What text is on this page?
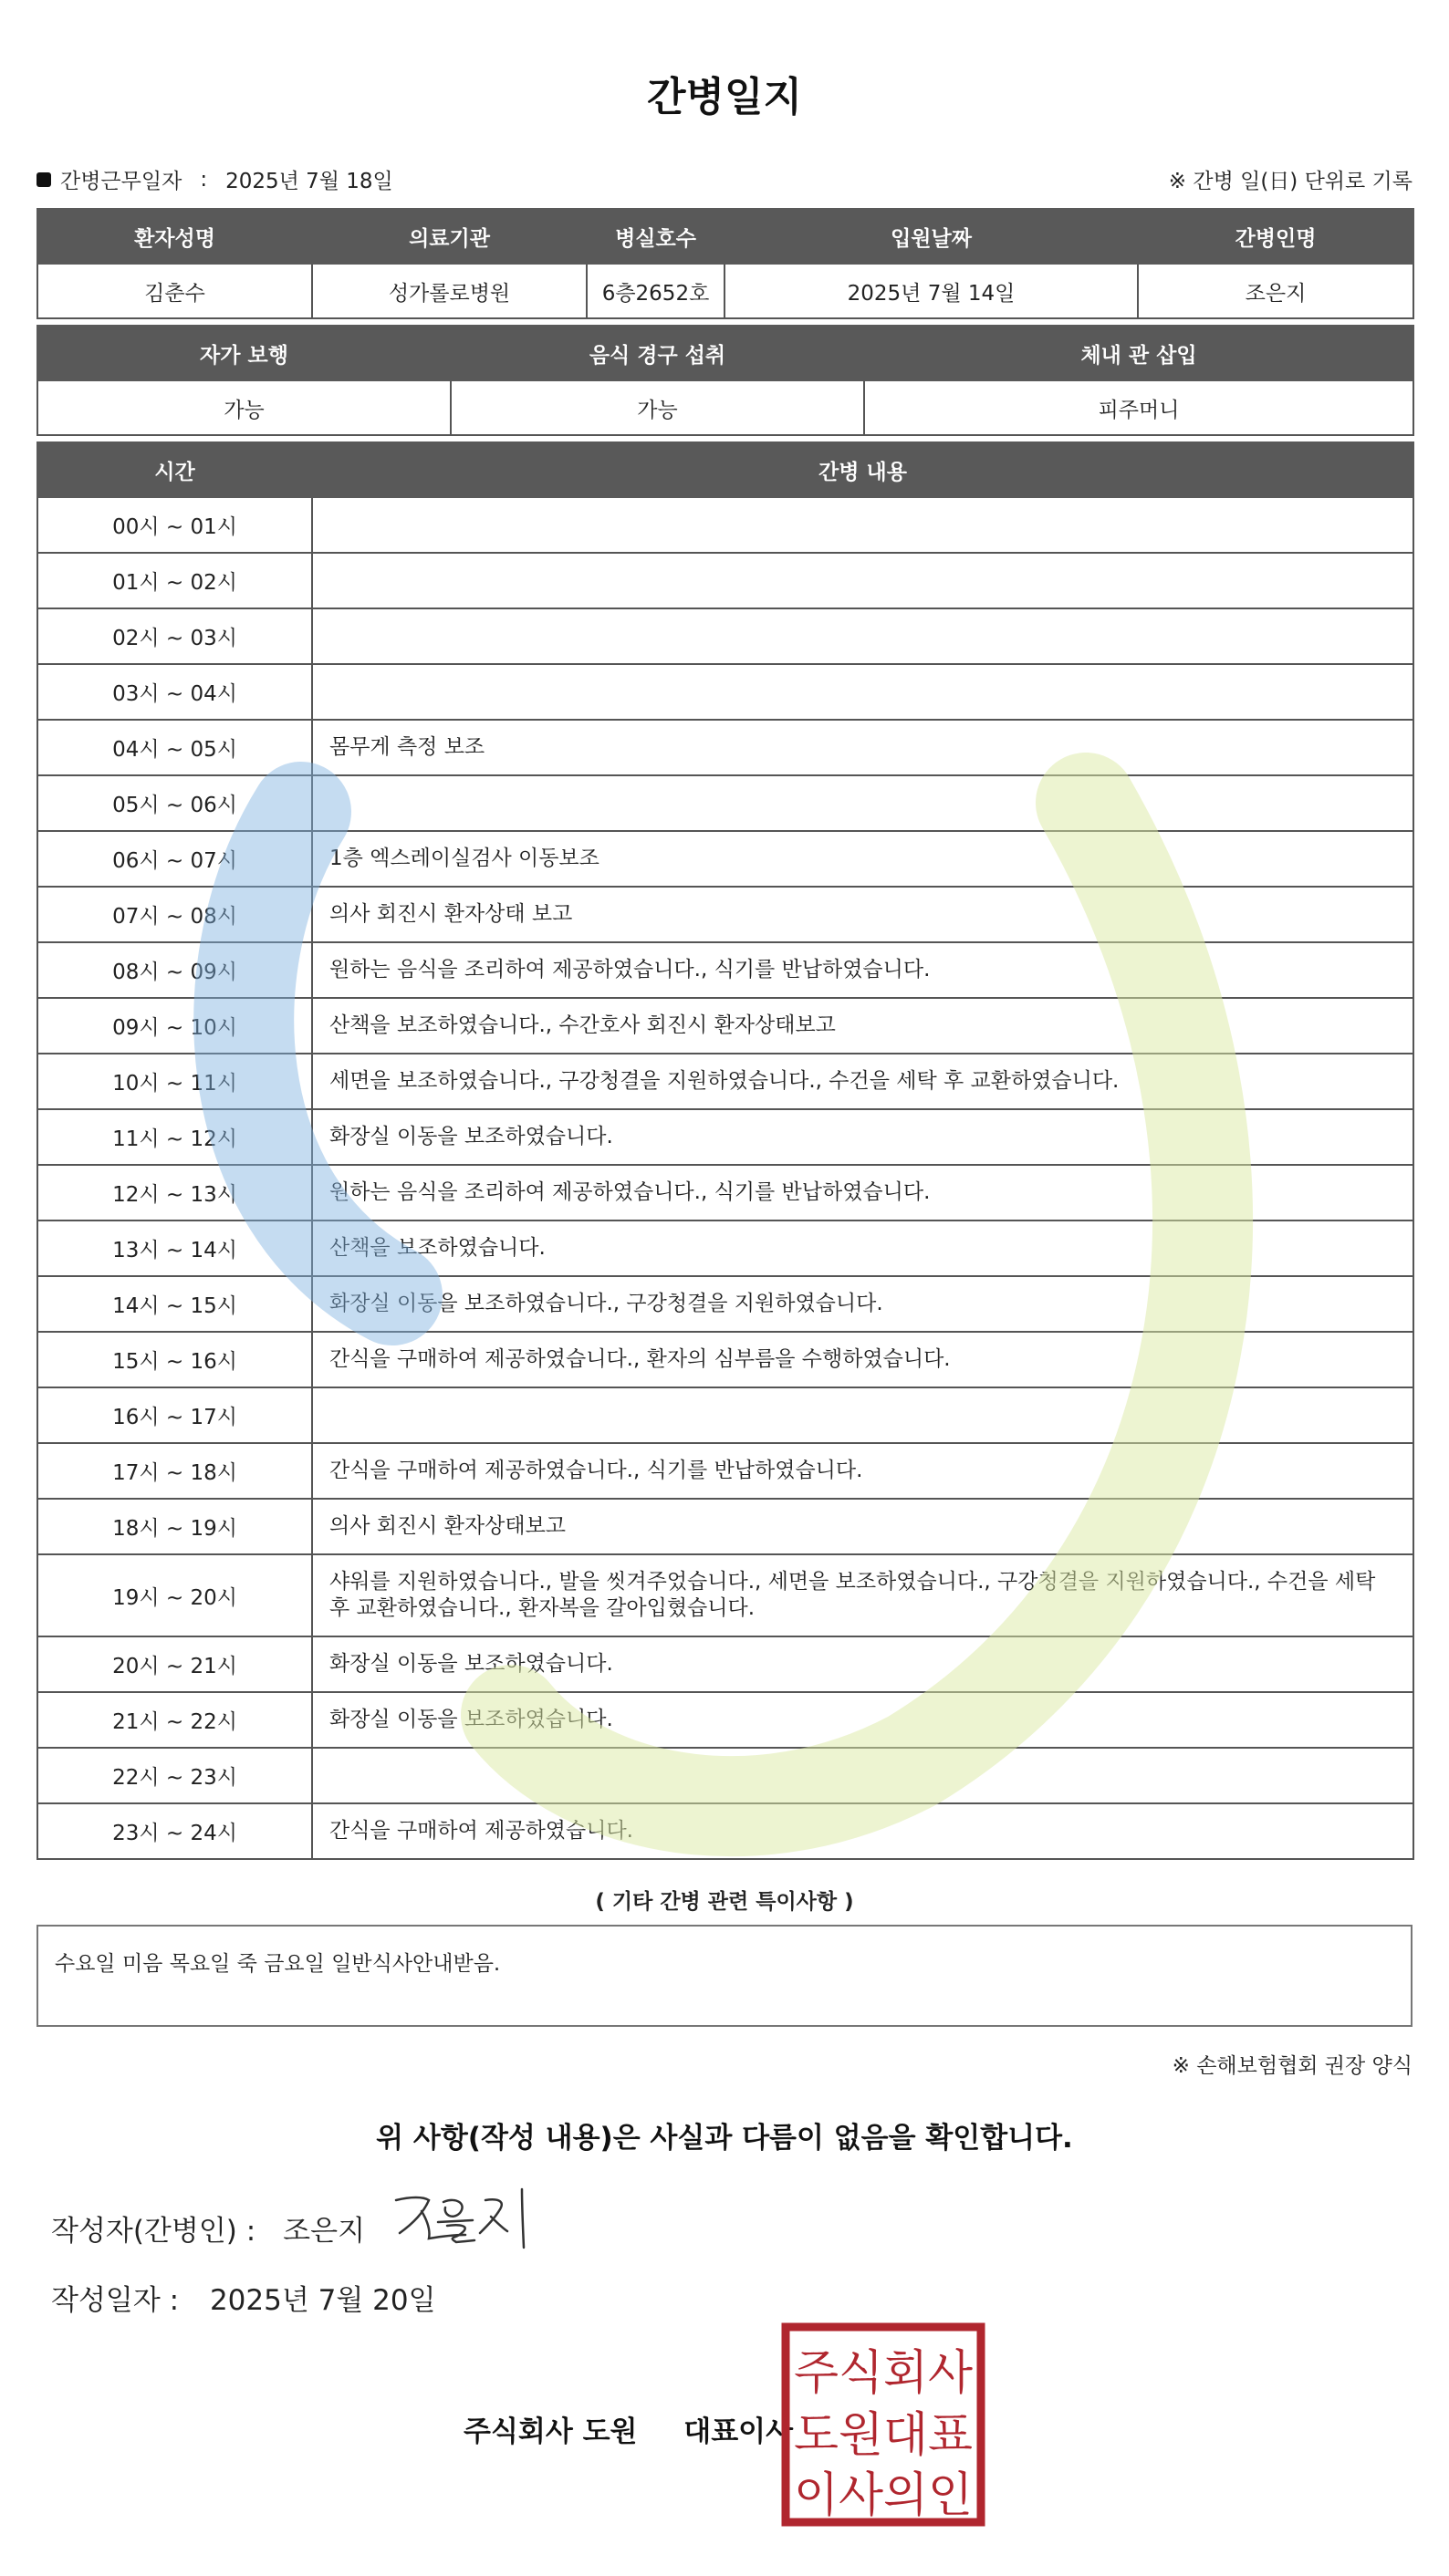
간병일지
간병근무일자 : 2025년 7월 18일	※ 간병 일(日) 단위로 기록
환자성명	의료기관	병실호수	입원날짜	간병인명
김춘수	성가롤로병원	6층2652호	2025년 7월 14일	조은지
자가 보행	음식 경구 섭취	체내 관 삽입
가능	가능	피주머니
시간	간병 내용
00시 ~ 01시	
01시 ~ 02시	
02시 ~ 03시	
03시 ~ 04시	
04시 ~ 05시	몸무게 측정 보조
05시 ~ 06시	
06시 ~ 07시	1층 엑스레이실검사 이동보조
07시 ~ 08시	의사 회진시 환자상태 보고
08시 ~ 09시	원하는 음식을 조리하여 제공하였습니다., 식기를 반납하였습니다.
09시 ~ 10시	산책을 보조하였습니다., 수간호사 회진시 환자상태보고
10시 ~ 11시	세면을 보조하였습니다., 구강청결을 지원하였습니다., 수건을 세탁 후 교환하였습니다.
11시 ~ 12시	화장실 이동을 보조하였습니다.
12시 ~ 13시	원하는 음식을 조리하여 제공하였습니다., 식기를 반납하였습니다.
13시 ~ 14시	산책을 보조하였습니다.
14시 ~ 15시	화장실 이동을 보조하였습니다., 구강청결을 지원하였습니다.
15시 ~ 16시	간식을 구매하여 제공하였습니다., 환자의 심부름을 수행하였습니다.
16시 ~ 17시	
17시 ~ 18시	간식을 구매하여 제공하였습니다., 식기를 반납하였습니다.
18시 ~ 19시	의사 회진시 환자상태보고
19시 ~ 20시	샤워를 지원하였습니다., 발을 씻겨주었습니다., 세면을 보조하였습니다., 구강청결을 지원하였습니다., 수건을 세탁 후 교환하였습니다., 환자복을 갈아입혔습니다.
20시 ~ 21시	화장실 이동을 보조하였습니다.
21시 ~ 22시	화장실 이동을 보조하였습니다.
22시 ~ 23시	
23시 ~ 24시	간식을 구매하여 제공하였습니다.
( 기타 간병 관련 특이사항 )
수요일 미음 목요일 죽 금요일 일반식사안내받음.
※ 손해보험협회 권장 양식
위 사항(작성 내용)은 사실과 다름이 없음을 확인합니다.
작성자(간병인) : 조은지
작성일자 : 2025년 7월 20일
주식회사 도원 대표이사
주식회사
도원대표
이사의인
